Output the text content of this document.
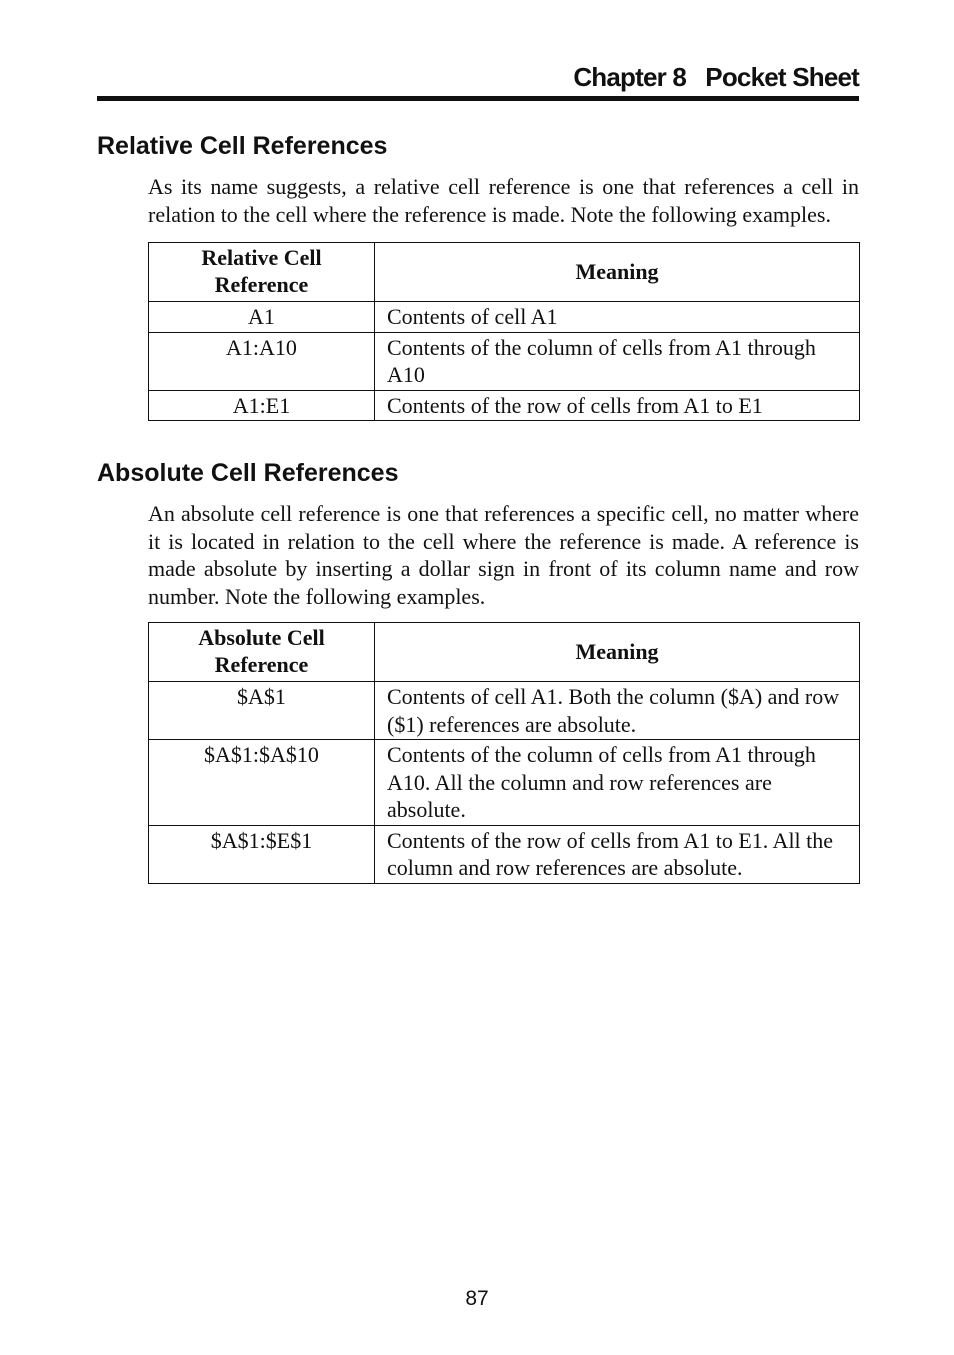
Chapter 8   Pocket Sheet
Relative Cell References

As its name suggests, a relative cell reference is one that references a cell in relation to the cell where the reference is made. Note the following examples.

Relative Cell Reference	Meaning
A1	Contents of cell A1
A1:A10	Contents of the column of cells from A1 through A10
A1:E1	Contents of the row of cells from A1 to E1
Absolute Cell References

An absolute cell reference is one that references a specific cell, no matter where it is located in relation to the cell where the reference is made. A reference is made absolute by inserting a dollar sign in front of its column name and row number. Note the following examples.

Absolute Cell Reference	Meaning
$A$1	Contents of cell A1. Both the column ($A) and row ($1) references are absolute.
$A$1:$A$10	Contents of the column of cells from A1 through A10. All the column and row references are absolute.
$A$1:$E$1	Contents of the row of cells from A1 to E1. All the column and row references are absolute.
87
